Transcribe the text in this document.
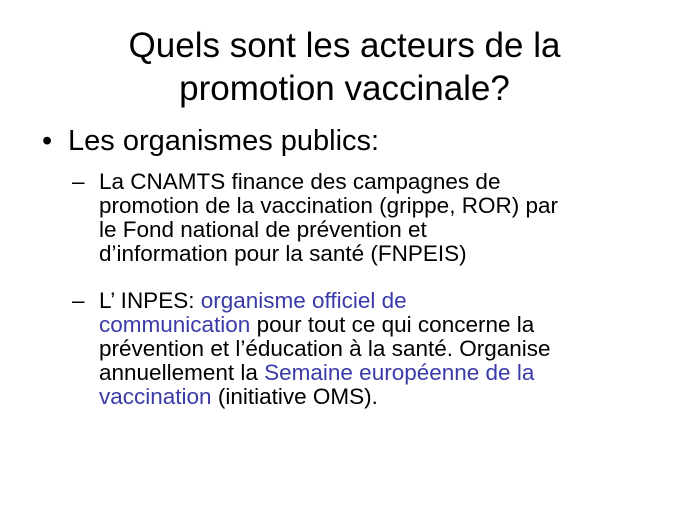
Quels sont les acteurs de la
promotion vaccinale?
• Les organismes publics:
– La CNAMTS finance des campagnes de
promotion de la vaccination (grippe, ROR) par
le Fond national de prévention et
d’information pour la santé (FNPEIS)
– L’ INPES: organisme officiel de
communication pour tout ce qui concerne la
prévention et l’éducation à la santé. Organise
annuellement la Semaine européenne de la
vaccination (initiative OMS).
